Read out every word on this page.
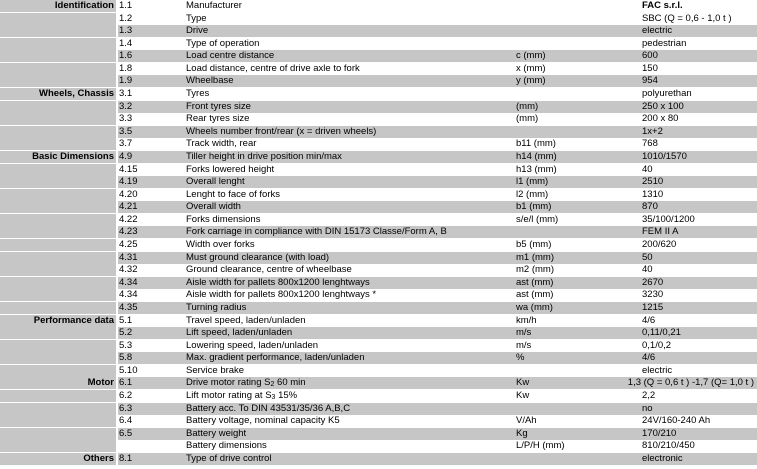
Identification 1.1	Manufacturer	FAC s.r.l.
1.2	Type	SBC (Q = 0,6 - 1,0 t )
1.3	Drive	electric
1.4	Type of operation	pedestrian
1.6	Load centre distance	c (mm)	600
1.8	Load distance, centre of drive axle to fork	x (mm)	150
1.9	Wheelbase	y (mm)	954
Wheels, Chassis 3.1	Tyres	polyurethan
3.2	Front tyres size	(mm)	250 x 100
3.3	Rear tyres size	(mm)	200 x 80
3.5	Wheels number front/rear (x = driven wheels)	1x+2
3.7	Track width, rear	b11 (mm)	768
Basic Dimensions 4.9	Tiller height in drive position min/max	h14 (mm)	1010/1570
4.15	Forks lowered height	h13 (mm)	40
4.19	Overall lenght	l1 (mm)	2510
4.20	Lenght to face of forks	l2 (mm)	1310
4.21	Overall width	b1 (mm)	870
4.22	Forks dimensions	s/e/l (mm)	35/100/1200
4.23	Fork carriage in compliance with DIN 15173 Classe/Form A, B	FEM II A
4.25	Width over forks	b5 (mm)	200/620
4.31	Must ground clearance (with load)	m1 (mm)	50
4.32	Ground clearance, centre of wheelbase	m2 (mm)	40
4.34	Aisle width for pallets 800x1200 lenghtways	ast (mm)	2670
4.34	Aisle width for pallets 800x1200 lenghtways *	ast (mm)	3230
4.35	Turning radius	wa (mm)	1215
Performance data 5.1	Travel speed, laden/unladen	km/h	4/6
5.2	Lift speed, laden/unladen	m/s	0,11/0,21
5.3	Lowering speed, laden/unladen	m/s	0,1/0,2
5.8	Max. gradient performance, laden/unladen	%	4/6
5.10	Service brake	electric
Motor 6.1	Drive motor rating $S_2$ 60 min	Kw	1,3 (Q = 0,6 t ) -1,7 (Q= 1,0 t )
6.2	Lift motor rating at $S_3$ 15%	Kw	2,2
6.3	Battery acc. To DIN 43531/35/36 A,B,C	no
6.4	Battery voltage, nominal capacity K5	V/Ah	24V/160-240 Ah
6.5	Battery weight	Kg	170/210
Battery dimensions	L/P/H (mm)	810/210/450
Others 8.1	Type of drive control	electronic
